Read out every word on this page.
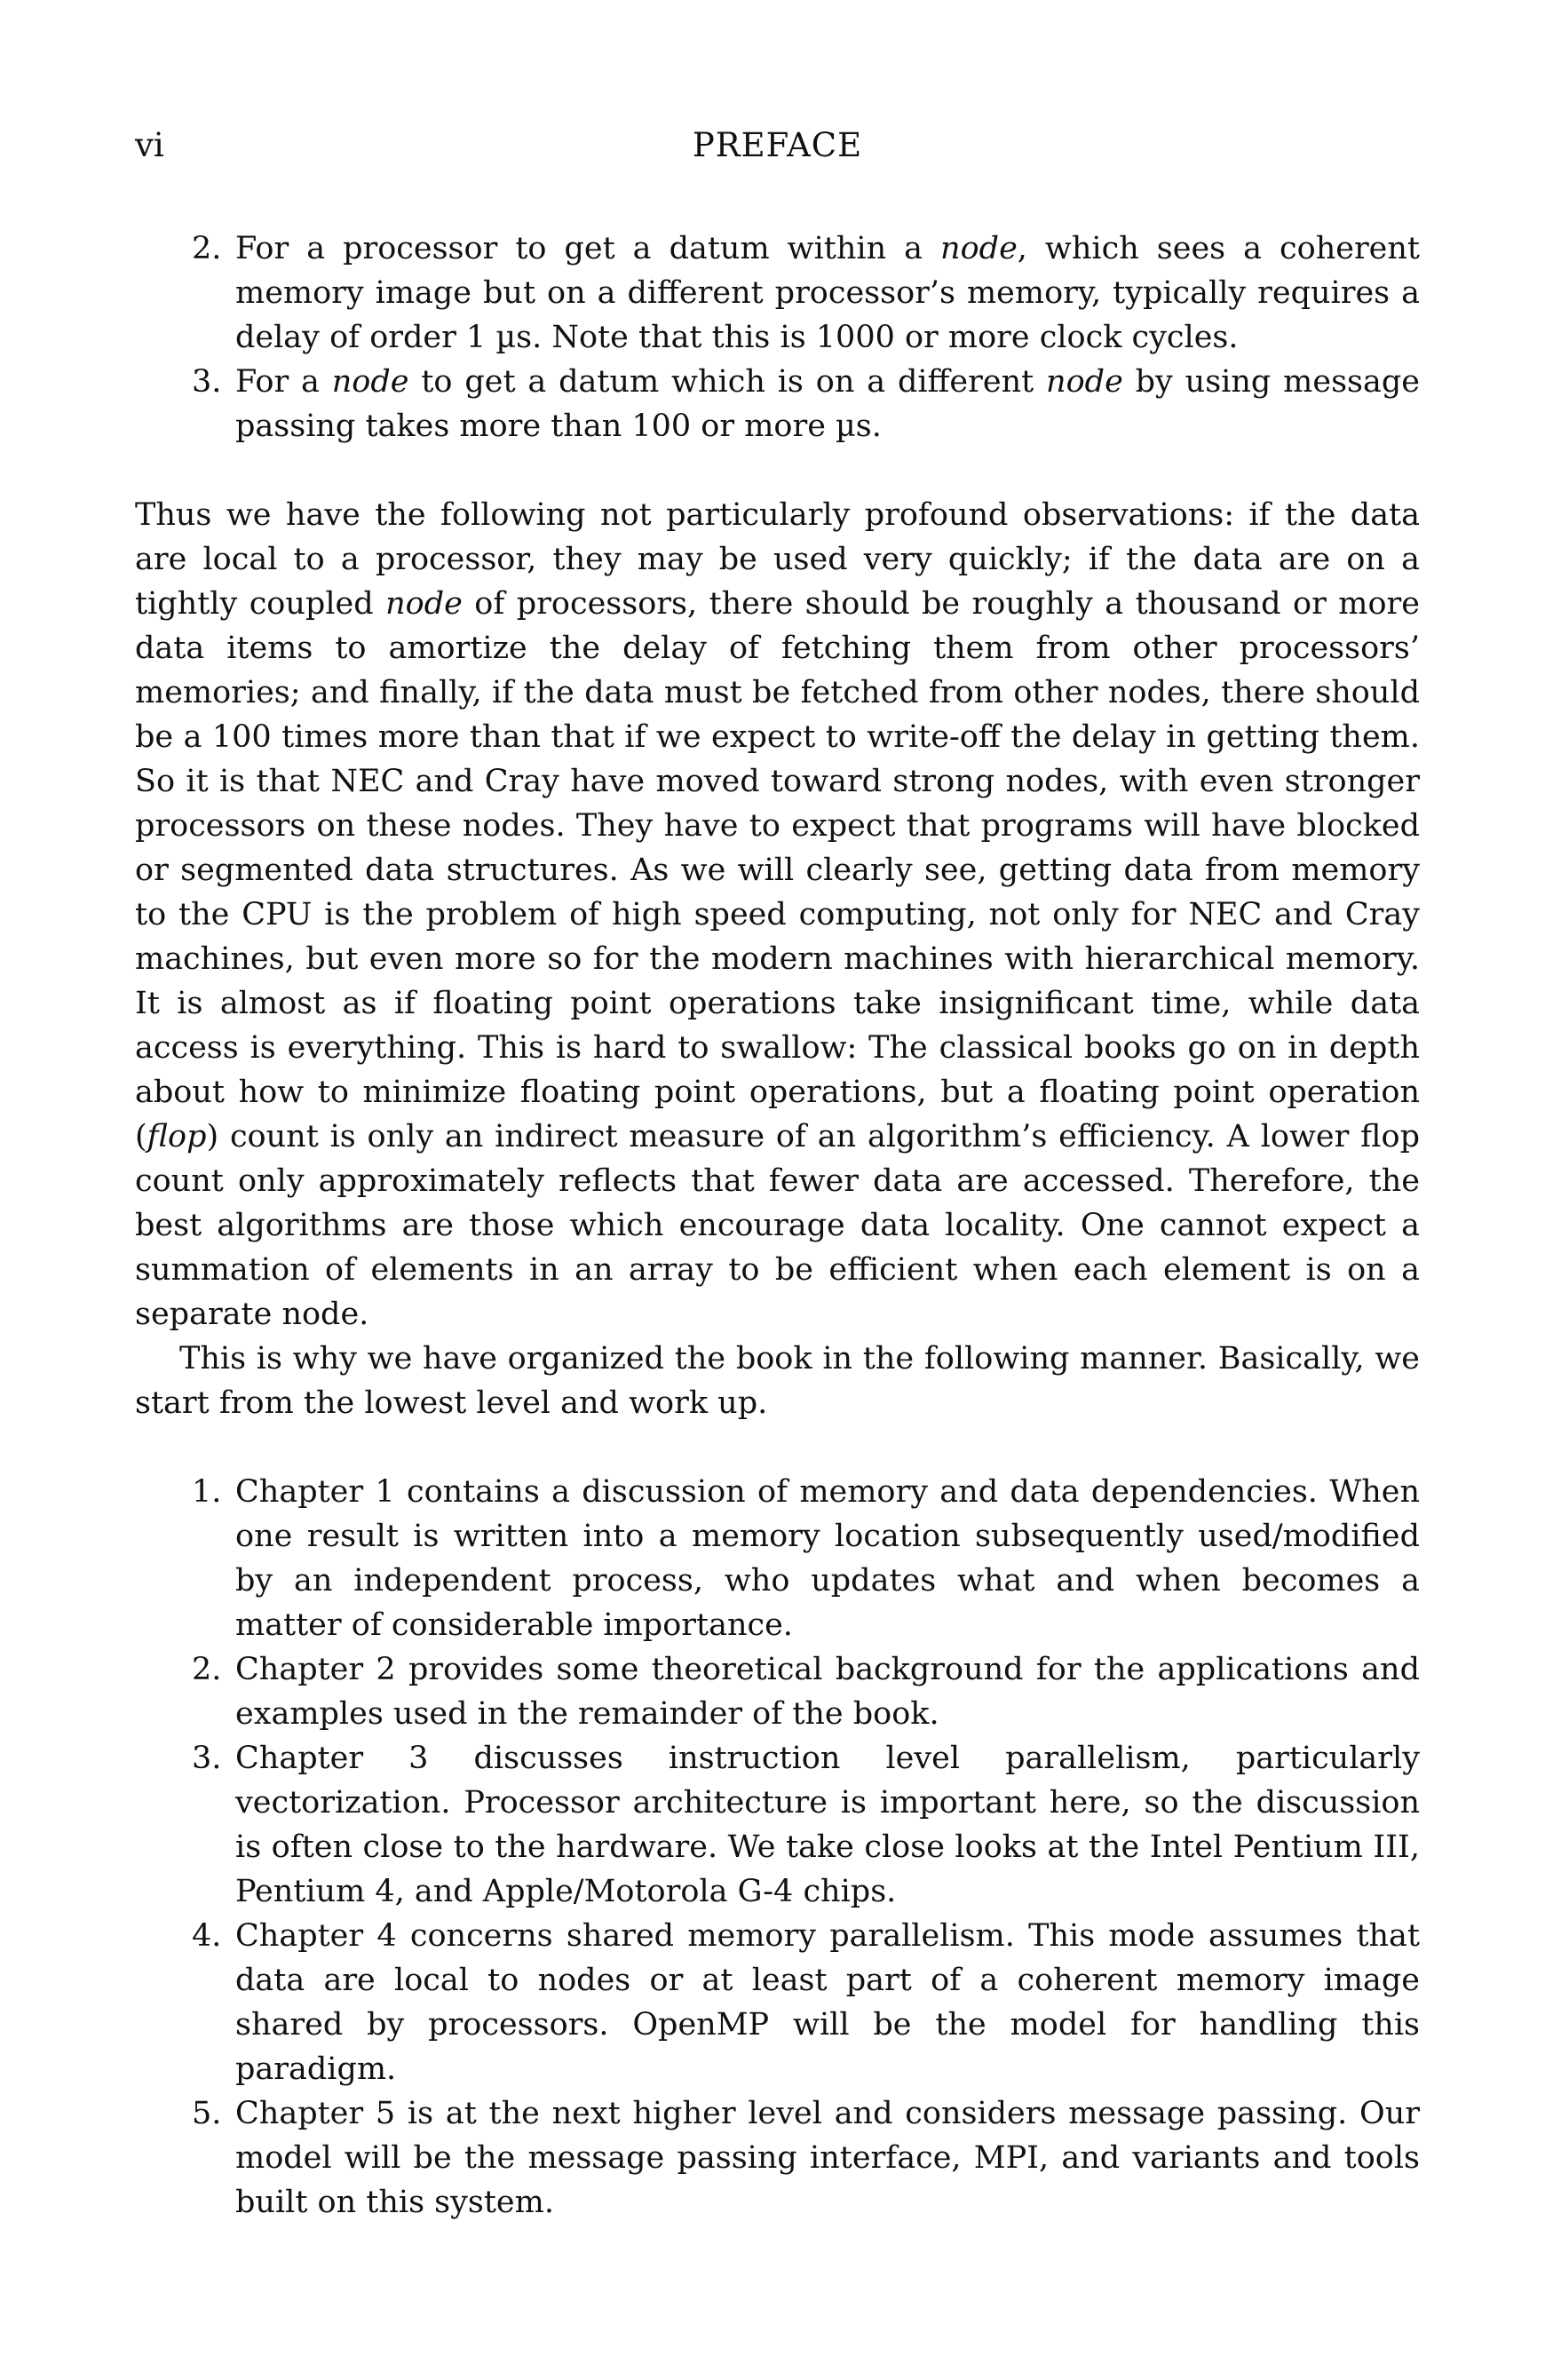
vi	PREFACE
2. For a processor to get a datum within a node, which sees a coherent memory image but on a different processor’s memory, typically requires a delay of order 1 µs. Note that this is 1000 or more clock cycles.
3. For a node to get a datum which is on a different node by using message passing takes more than 100 or more µs.

Thus we have the following not particularly profound observations: if the data are local to a processor, they may be used very quickly; if the data are on a tightly coupled node of processors, there should be roughly a thousand or more data items to amortize the delay of fetching them from other processors’ memories; and finally, if the data must be fetched from other nodes, there should be a 100 times more than that if we expect to write-off the delay in getting them. So it is that NEC and Cray have moved toward strong nodes, with even stronger processors on these nodes. They have to expect that programs will have blocked or segmented data structures. As we will clearly see, getting data from memory to the CPU is the problem of high speed computing, not only for NEC and Cray machines, but even more so for the modern machines with hierarchical memory. It is almost as if floating point operations take insignificant time, while data access is everything. This is hard to swallow: The classical books go on in depth about how to minimize floating point operations, but a floating point operation (flop) count is only an indirect measure of an algorithm’s efficiency. A lower flop count only approximately reflects that fewer data are accessed. Therefore, the best algorithms are those which encourage data locality. One cannot expect a summation of elements in an array to be efficient when each element is on a separate node.

This is why we have organized the book in the following manner. Basically, we start from the lowest level and work up.

1. Chapter 1 contains a discussion of memory and data dependencies. When one result is written into a memory location subsequently used/modified by an independent process, who updates what and when becomes a matter of considerable importance.
2. Chapter 2 provides some theoretical background for the applications and examples used in the remainder of the book.
3. Chapter 3 discusses instruction level parallelism, particularly vectorization. Processor architecture is important here, so the discussion is often close to the hardware. We take close looks at the Intel Pentium III, Pentium 4, and Apple/Motorola G-4 chips.
4. Chapter 4 concerns shared memory parallelism. This mode assumes that data are local to nodes or at least part of a coherent memory image shared by processors. OpenMP will be the model for handling this paradigm.
5. Chapter 5 is at the next higher level and considers message passing. Our model will be the message passing interface, MPI, and variants and tools built on this system.
